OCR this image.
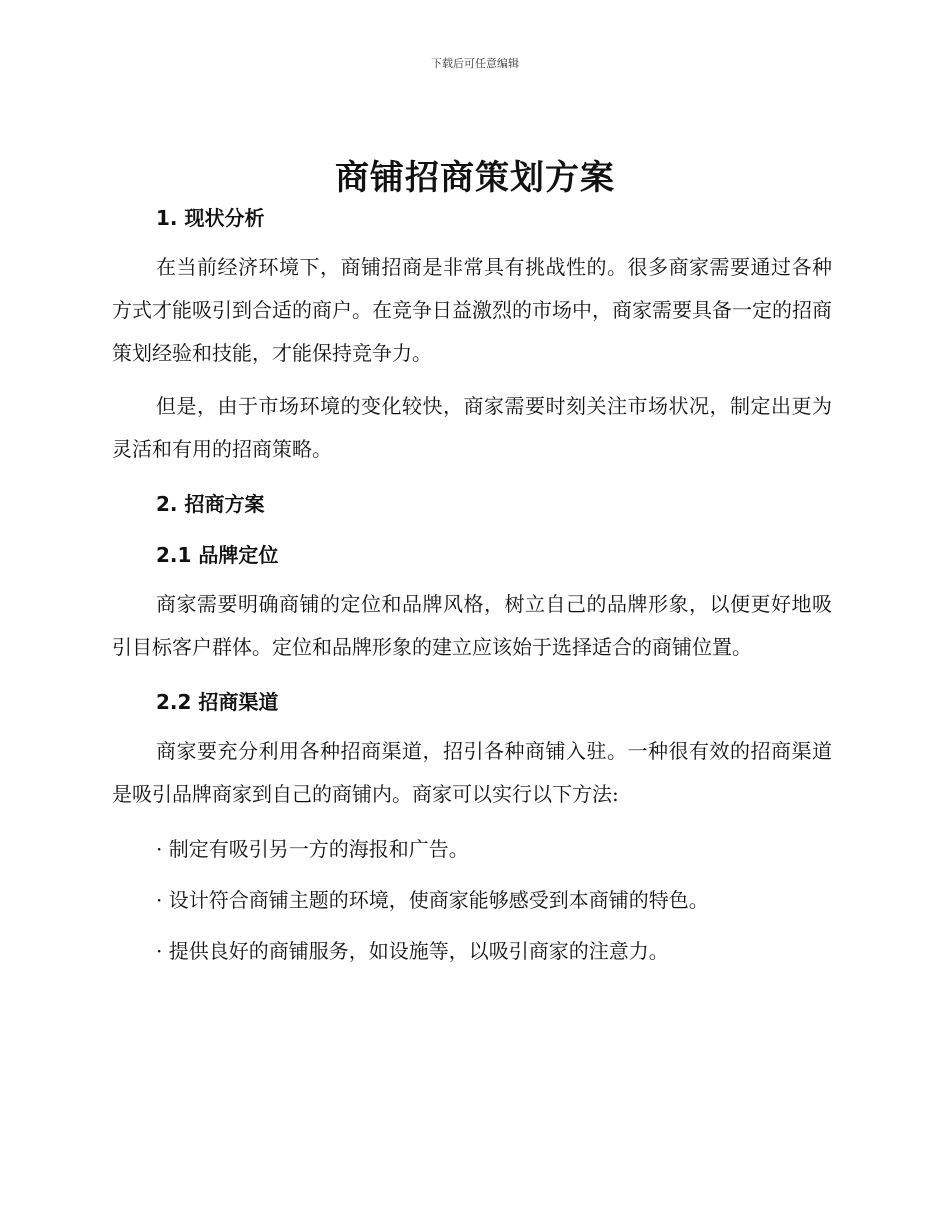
下载后可任意编辑
商铺招商策划方案
1. 现状分析

在当前经济环境下，商铺招商是非常具有挑战性的。很多商家需要通过各种方式才能吸引到合适的商户。在竞争日益激烈的市场中，商家需要具备一定的招商策划经验和技能，才能保持竞争力。

但是，由于市场环境的变化较快，商家需要时刻关注市场状况，制定出更为灵活和有用的招商策略。

2. 招商方案
2.1 品牌定位

商家需要明确商铺的定位和品牌风格，树立自己的品牌形象，以便更好地吸引目标客户群体。定位和品牌形象的建立应该始于选择适合的商铺位置。

2.2 招商渠道

商家要充分利用各种招商渠道，招引各种商铺入驻。一种很有效的招商渠道是吸引品牌商家到自己的商铺内。商家可以实行以下方法:

· 制定有吸引另一方的海报和广告。

· 设计符合商铺主题的环境，使商家能够感受到本商铺的特色。

· 提供良好的商铺服务，如设施等，以吸引商家的注意力。
